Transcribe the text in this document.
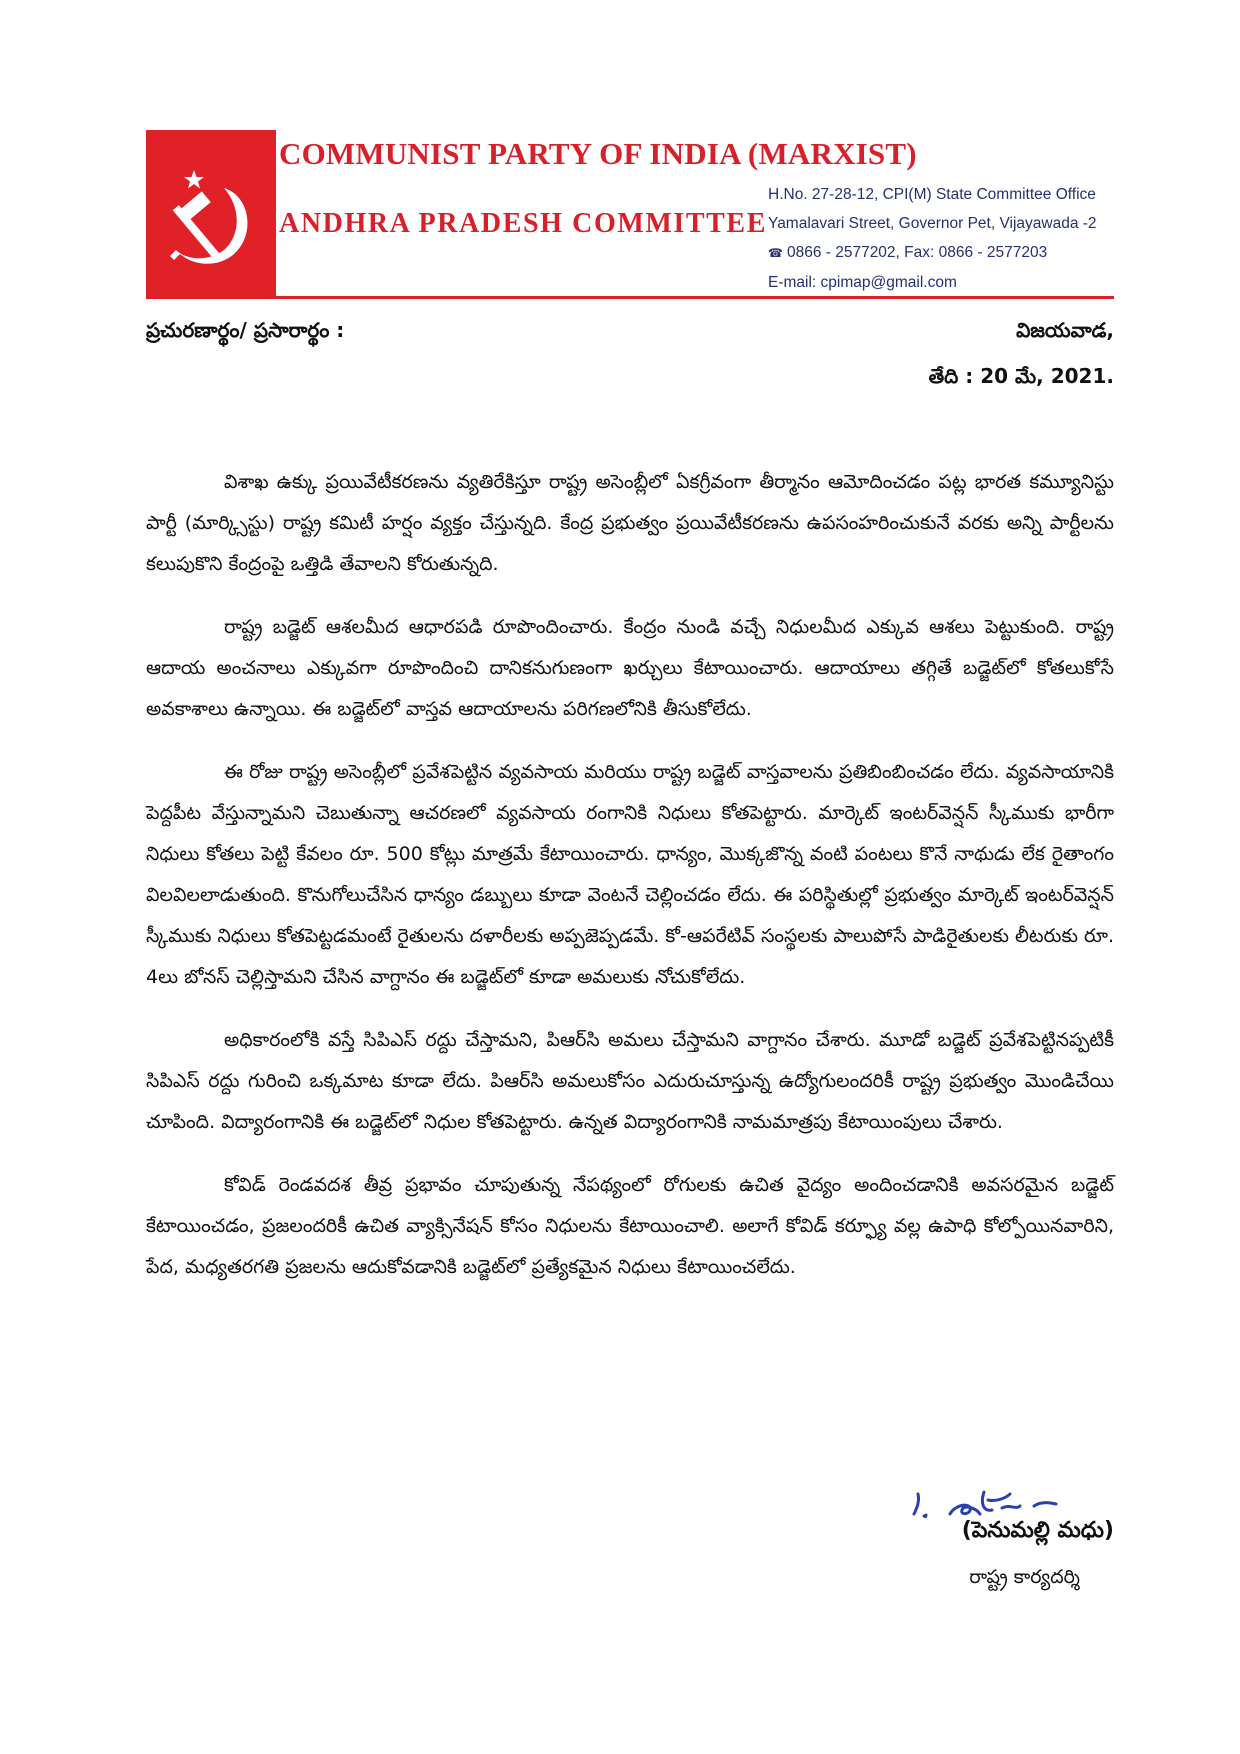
COMMUNIST PARTY OF INDIA (MARXIST)
ANDHRA PRADESH COMMITTEE
H.No. 27-28-12, CPI(M) State Committee Office
Yamalavari Street, Governor Pet, Vijayawada -2
☎ 0866 - 2577202, Fax: 0866 - 2577203
E-mail: cpimap@gmail.com
ప్రచురణార్థం/ ప్రసారార్థం :	విజయవాడ,
తేది : 20 మే, 2021.

విశాఖ ఉక్కు ప్రయివేటీకరణను వ్యతిరేకిస్తూ రాష్ట్ర అసెంబ్లీలో ఏకగ్రీవంగా తీర్మానం ఆమోదించడం పట్ల భారత కమ్యూనిస్టు పార్టీ (మార్క్సిస్టు) రాష్ట్ర కమిటీ హర్షం వ్యక్తం చేస్తున్నది. కేంద్ర ప్రభుత్వం ప్రయివేటీకరణను ఉపసంహరించుకునే వరకు అన్ని పార్టీలను కలుపుకొని కేంద్రంపై ఒత్తిడి తేవాలని కోరుతున్నది.

రాష్ట్ర బడ్జెట్ ఆశలమీద ఆధారపడి రూపొందించారు. కేంద్రం నుండి వచ్చే నిధులమీద ఎక్కువ ఆశలు పెట్టుకుంది. రాష్ట్ర ఆదాయ అంచనాలు ఎక్కువగా రూపొందించి దానికనుగుణంగా ఖర్చులు కేటాయించారు. ఆదాయాలు తగ్గితే బడ్జెట్‌లో కోతలుకోసే అవకాశాలు ఉన్నాయి. ఈ బడ్జెట్‌లో వాస్తవ ఆదాయాలను పరిగణలోనికి తీసుకోలేదు.

ఈ రోజు రాష్ట్ర అసెంబ్లీలో ప్రవేశపెట్టిన వ్యవసాయ మరియు రాష్ట్ర బడ్జెట్ వాస్తవాలను ప్రతిబింబించడం లేదు. వ్యవసాయానికి పెద్దపీట వేస్తున్నామని చెబుతున్నా ఆచరణలో వ్యవసాయ రంగానికి నిధులు కోతపెట్టారు. మార్కెట్ ఇంటర్‌వెన్షన్ స్కీముకు భారీగా నిధులు కోతలు పెట్టి కేవలం రూ. 500 కోట్లు మాత్రమే కేటాయించారు. ధాన్యం, మొక్కజొన్న వంటి పంటలు కొనే నాథుడు లేక రైతాంగం విలవిలలాడుతుంది. కొనుగోలుచేసిన ధాన్యం డబ్బులు కూడా వెంటనే చెల్లించడం లేదు. ఈ పరిస్థితుల్లో ప్రభుత్వం మార్కెట్ ఇంటర్‌వెన్షన్ స్కీముకు నిధులు కోతపెట్టడమంటే రైతులను దళారీలకు అప్పజెప్పడమే. కో-ఆపరేటివ్ సంస్థలకు పాలుపోసే పాడిరైతులకు లీటరుకు రూ. 4లు బోనస్ చెల్లిస్తామని చేసిన వాగ్దానం ఈ బడ్జెట్‌లో కూడా అమలుకు నోచుకోలేదు.

అధికారంలోకి వస్తే సిపిఎస్ రద్దు చేస్తామని, పిఆర్‌సి అమలు చేస్తామని వాగ్దానం చేశారు. మూడో బడ్జెట్ ప్రవేశపెట్టినప్పటికీ సిపిఎస్ రద్దు గురించి ఒక్కమాట కూడా లేదు. పిఆర్‌సి అమలుకోసం ఎదురుచూస్తున్న ఉద్యోగులందరికీ రాష్ట్ర ప్రభుత్వం మొండిచేయి చూపింది. విద్యారంగానికి ఈ బడ్జెట్‌లో నిధుల కోతపెట్టారు. ఉన్నత విద్యారంగానికి నామమాత్రపు కేటాయింపులు చేశారు.

కోవిడ్ రెండవదశ తీవ్ర ప్రభావం చూపుతున్న నేపథ్యంలో రోగులకు ఉచిత వైద్యం అందించడానికి అవసరమైన బడ్జెట్ కేటాయించడం, ప్రజలందరికీ ఉచిత వ్యాక్సినేషన్ కోసం నిధులను కేటాయించాలి. అలాగే కోవిడ్ కర్ఫ్యూ వల్ల ఉపాధి కోల్పోయినవారిని, పేద, మధ్యతరగతి ప్రజలను ఆదుకోవడానికి బడ్జెట్‌లో ప్రత్యేకమైన నిధులు కేటాయించలేదు.

(పెనుమల్లి మధు)
రాష్ట్ర కార్యదర్శి
